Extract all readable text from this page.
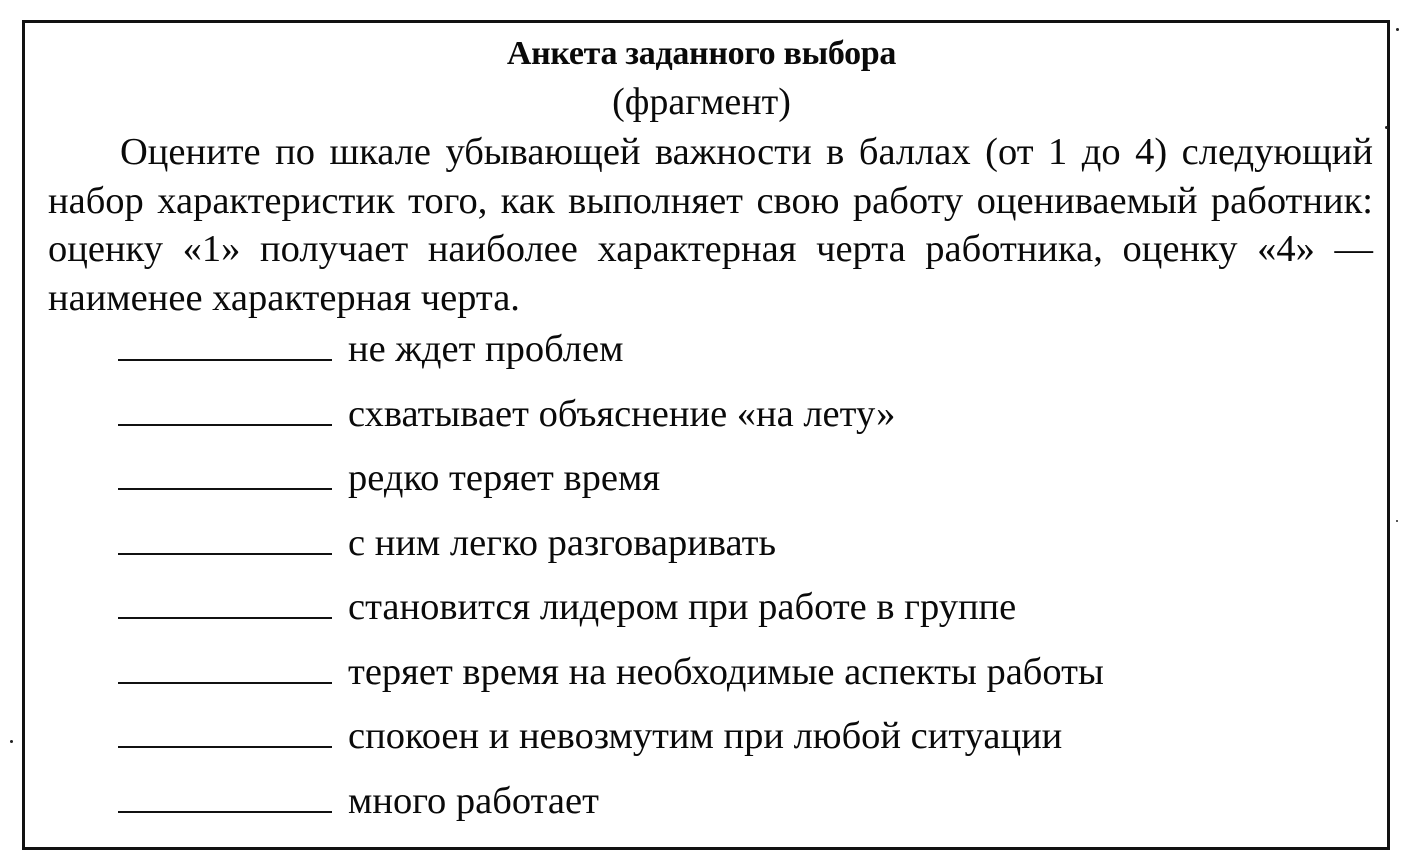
Анкета заданного выбора
(фрагмент)
Оцените по шкале убывающей важности в баллах (от 1 до 4) следующий набор характеристик того, как выполняет свою работу оцениваемый работник: оценку «1» получает наиболее характерная черта работника, оценку «4» — наименее характерная черта.
не ждет проблем
схватывает объяснение «на лету»
редко теряет время
с ним легко разговаривать
становится лидером при работе в группе
теряет время на необходимые аспекты работы
спокоен и невозмутим при любой ситуации
много работает
